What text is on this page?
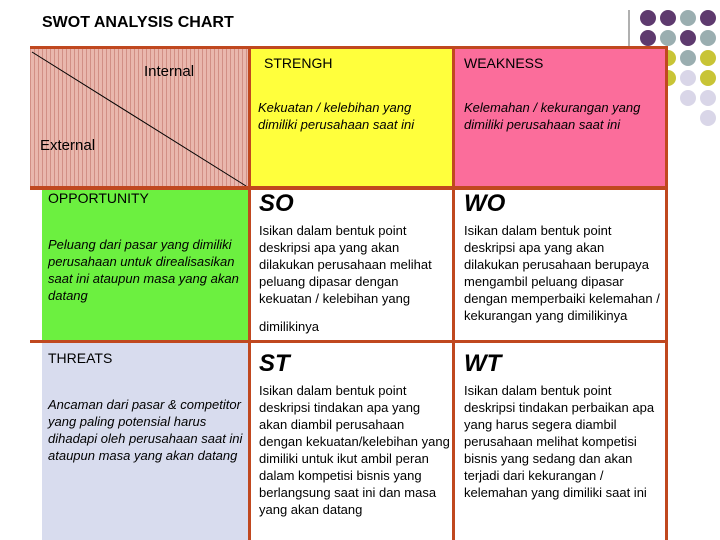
SWOT ANALYSIS CHART
Internal
External
STRENGH
Kekuatan / kelebihan yang dimiliki perusahaan saat ini
WEAKNESS
Kelemahan / kekurangan yang dimiliki perusahaan saat ini
OPPORTUNITY
Peluang dari pasar yang dimiliki perusahaan untuk direalisasikan saat ini ataupun masa yang akan datang
THREATS
Ancaman dari pasar & competitor yang paling potensial harus dihadapi oleh perusahaan saat ini ataupun masa yang akan datang
SO
Isikan dalam bentuk point deskripsi apa yang akan dilakukan perusahaan melihat peluang dipasar dengan kekuatan / kelebihan yang
dimilikinya
WO
Isikan dalam bentuk point deskripsi apa yang akan dilakukan perusahaan berupaya mengambil peluang dipasar dengan memperbaiki kelemahan / kekurangan yang dimilikinya
ST
Isikan dalam bentuk point deskripsi tindakan apa yang akan diambil perusahaan dengan kekuatan/kelebihan yang dimiliki untuk ikut ambil peran dalam kompetisi bisnis yang berlangsung saat ini dan masa yang akan datang
WT
Isikan dalam bentuk point deskripsi tindakan perbaikan apa yang harus segera diambil perusahaan melihat kompetisi bisnis yang sedang dan akan terjadi dari kekurangan / kelemahan yang dimiliki saat ini
